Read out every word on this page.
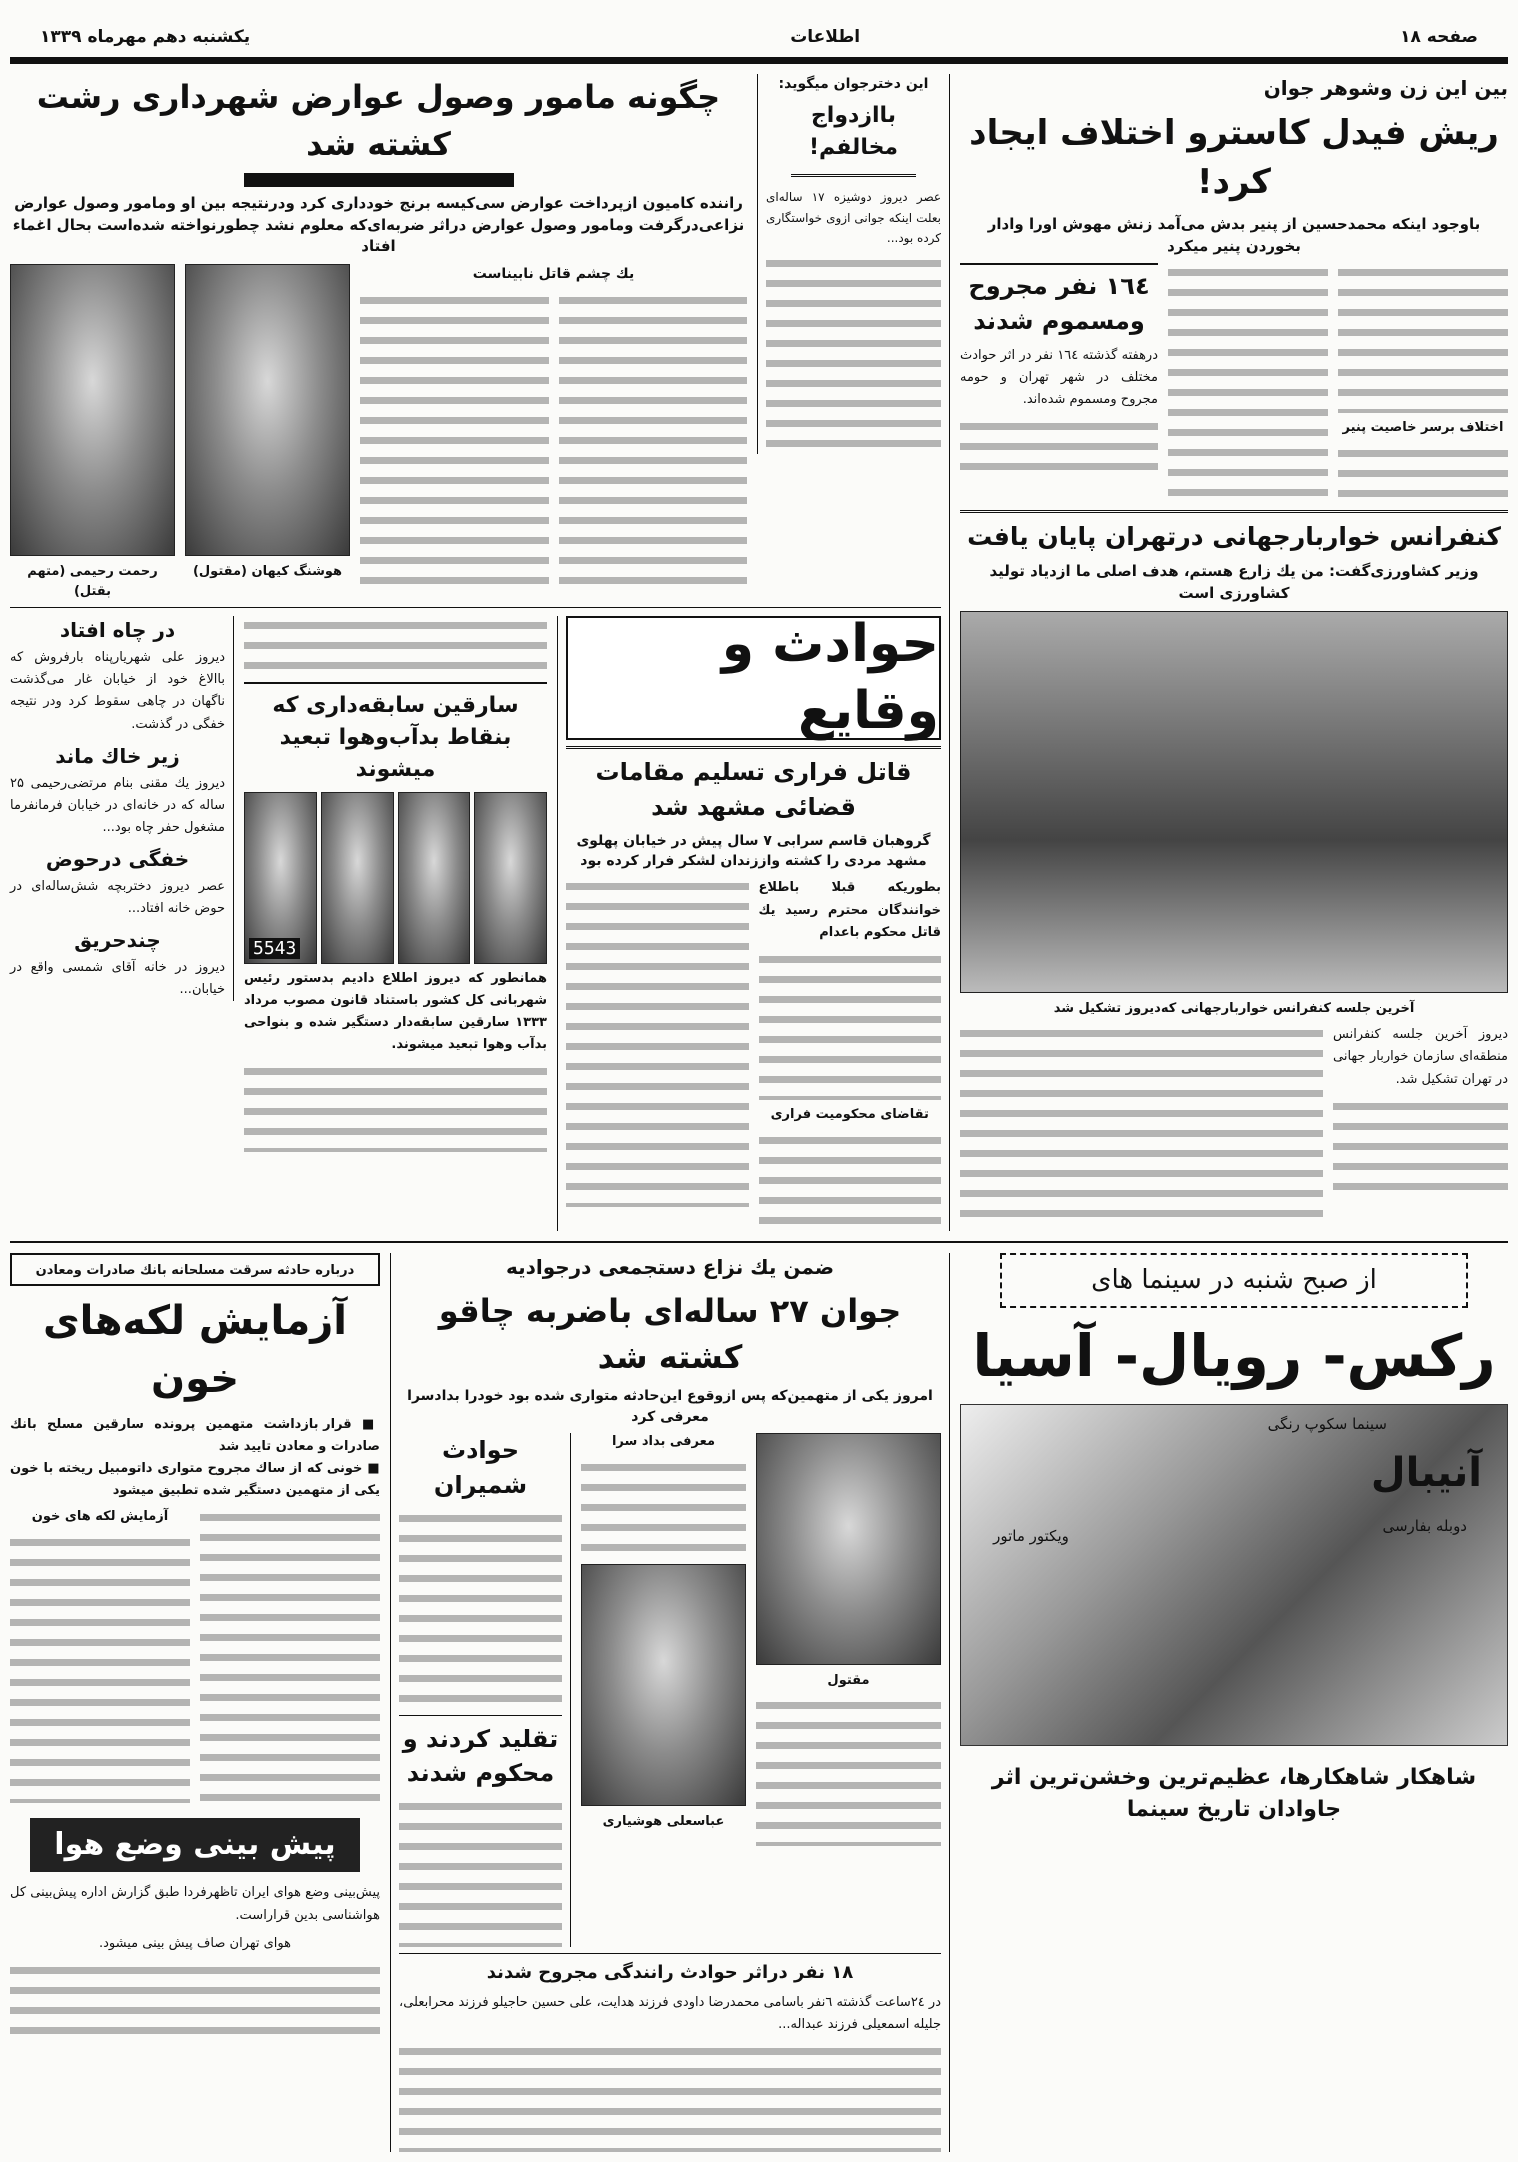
صفحه ۱۸
اطلاعات
یکشنبه دهم مهرماه ۱۳۳۹
بین این زن وشوهر جوان
ریش فیدل کاسترو اختلاف ایجاد کرد!
باوجود اینکه محمدحسین از پنیر بدش می‌آمد زنش مهوش اورا وادار بخوردن پنیر میکرد
اختلاف برسر خاصیت پنیر
۱٦٤ نفر مجروح ومسموم شدند
درهفته گذشته ۱٦٤ نفر در اثر حوادث مختلف در شهر تهران و حومه مجروح ومسموم شده‌اند.
کنفرانس خواربارجهانی درتهران پایان یافت
وزیر کشاورزی‌گفت: من یك زارع هستم، هدف اصلی ما ازدیاد تولید کشاورزی است
آخرین جلسه کنفرانس خواربارجهانی که‌دیروز تشکیل شد
دیروز آخرین جلسه کنفرانس منطقه‌ای سازمان خواربار جهانی در تهران تشکیل شد.
این دخترجوان میگوید:
باازدواج مخالفم!
عصر دیروز دوشیزه ۱۷ ساله‌ای بعلت اینکه جوانی ازوی خواستگاری کرده بود...
چگونه مامور وصول عوارض شهرداری رشت کشته شد
راننده کامیون ازپرداخت عوارض سی‌کیسه برنج خودداری کرد ودرنتیجه بین او ومامور وصول عوارض نزاعی‌درگرفت ومامور وصول عوارض دراثر ضربه‌ای‌که معلوم نشد چطورنواخته شده‌است بحال اغماء افتاد
یك چشم قاتل نابیناست
هوشنگ کیهان (مقتول)
رحمت رحیمی (متهم بقتل)
حوادث و وقایع
قاتل فراری تسلیم مقامات قضائی مشهد شد
گروهبان قاسم سرابی ۷ سال پیش در خیابان پهلوی مشهد مردی را کشته واززندان لشکر فرار کرده بود
بطوریکه قبلا باطلاع خوانندگان محترم رسید یك قاتل محکوم باعدام
تقاضای محکومیت فراری
سارقین سابقه‌داری که بنقاط بدآب‌وهوا تبعید میشوند
5543
همانطور که دیروز اطلاع دادیم بدستور رئیس شهربانی کل کشور باستناد قانون مصوب مرداد ۱۳۳۳ سارقین سابقه‌دار دستگیر شده و بنواحی بدآب وهوا تبعید میشوند.
در چاه افتاد
دیروز علی شهریارپناه بارفروش که باالاغ خود از خیابان غار می‌گذشت ناگهان در چاهی سقوط کرد ودر نتیجه خفگی در گذشت.
زیر خاك ماند
دیروز یك مقنی بنام مرتضی‌رحیمی ۲۵ ساله که در خانه‌ای در خیابان فرمانفرما مشغول حفر چاه بود...
خفگی درحوض
عصر دیروز دختربچه شش‌ساله‌ای در حوض خانه افتاد...
چندحریق
دیروز در خانه آقای شمسی واقع در خیابان...
از صبح شنبه در سینما های
رکس- رویال- آسیا
سینما سکوپ رنگی
آنیبال
دوبله بفارسی
ویکتور ماتور
شاهکار شاهکارها، عظیم‌ترین وخشن‌ترین اثر جاوادان تاریخ سینما
ضمن یك نزاع دستجمعی درجوادیه
جوان ۲۷ ساله‌ای باضربه چاقو کشته شد
امروز یکی از متهمین‌که پس ازوقوع این‌حادثه متواری شده بود خودرا بدادسرا معرفی کرد
مقتول
معرفی بداد سرا
عباسعلی هوشیاری
حوادث شمیران
تقلید کردند و محکوم شدند
۱۸ نفر دراثر حوادث رانندگی مجروح شدند
در ۲٤ساعت گذشته ٦نفر باسامی محمدرضا داودی فرزند هدایت، علی حسین حاجیلو فرزند محرابعلی، جلیله اسمعیلی فرزند عبداله...
درباره حادثه سرقت مسلحانه بانك صادرات ومعادن
آزمایش لکه‌های خون
■ قرار بازداشت متهمین پرونده سارقین مسلح بانك صادرات و معادن تایید شد
■ خونی که از ساك مجروح متواری داتومبیل ریخته با خون یکی از متهمین دستگیر شده تطبیق میشود
آزمایش لکه های خون
پیش بینی وضع هوا
پیش‌بینی وضع هوای ایران تاظهرفردا طبق گزارش اداره پیش‌بینی کل هواشناسی بدین قراراست.
هوای تهران صاف پیش بینی میشود.
